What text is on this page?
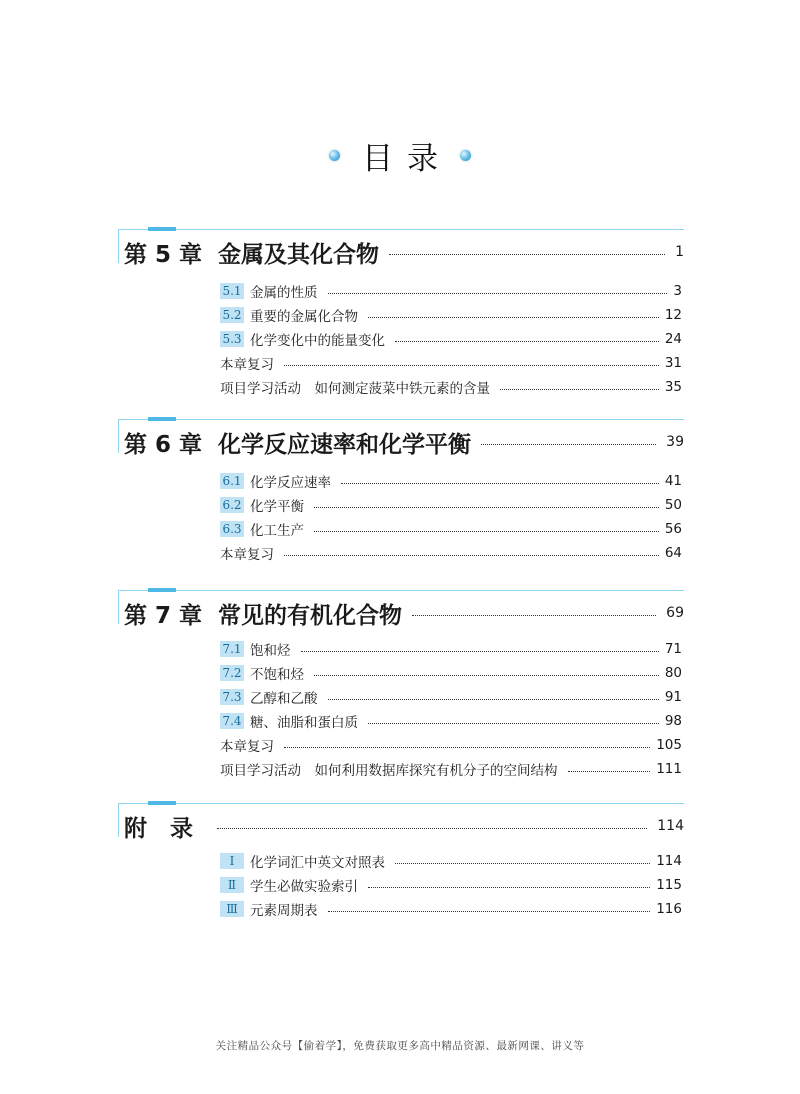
目录
第 5 章 金属及其化合物	1
5.1 金属的性质	3
5.2 重要的金属化合物	12
5.3 化学变化中的能量变化	24
本章复习	31
项目学习活动　如何测定菠菜中铁元素的含量	35
第 6 章 化学反应速率和化学平衡	39
6.1 化学反应速率	41
6.2 化学平衡	50
6.3 化工生产	56
本章复习	64
第 7 章 常见的有机化合物	69
7.1 饱和烃	71
7.2 不饱和烃	80
7.3 乙醇和乙酸	91
7.4 糖、油脂和蛋白质	98
本章复习	105
项目学习活动　如何利用数据库探究有机分子的空间结构	111
附　录	114
Ⅰ	化学词汇中英文对照表	114
Ⅱ	学生必做实验索引	115
Ⅲ 元素周期表	116
关注精品公众号【偷着学】，免费获取更多高中精品资源、最新网课、讲义等
